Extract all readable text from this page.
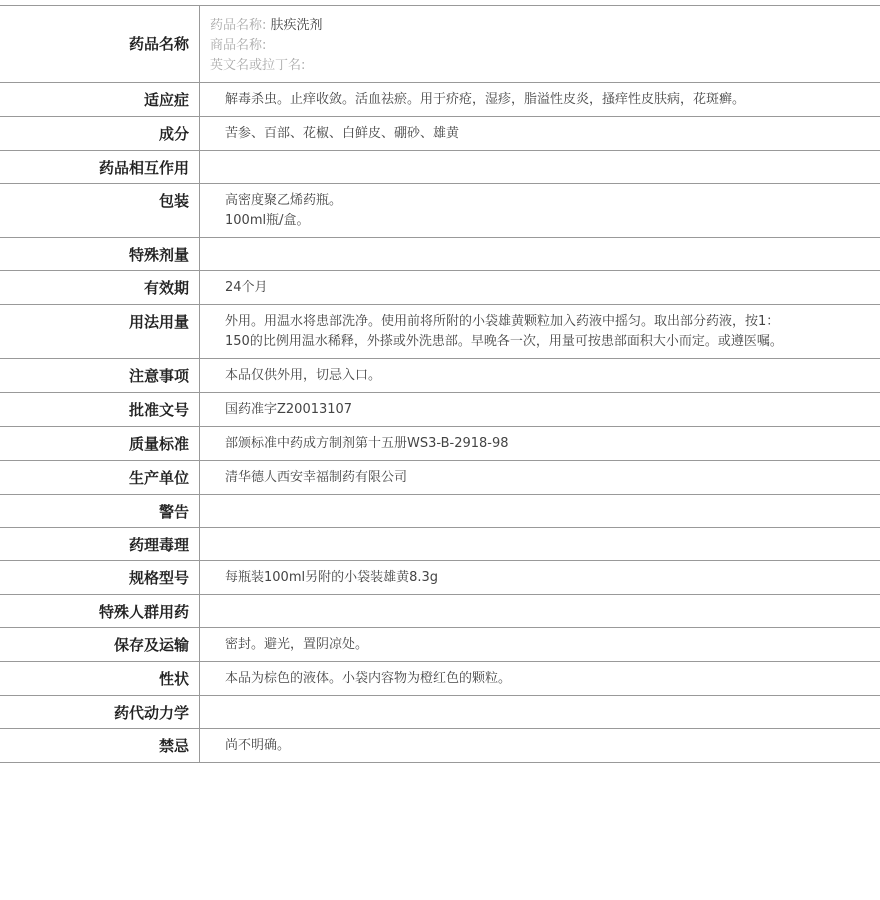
药品名称
药品名称: 肤疾洗剂
商品名称:
英文名或拉丁名:
适应症	解毒杀虫。止痒收敛。活血祛瘀。用于疥疮，湿疹，脂溢性皮炎，搔痒性皮肤病，花斑癣。
成分	苦参、百部、花椒、白鲜皮、硼砂、雄黄
药品相互作用
包装	高密度聚乙烯药瓶。
100ml瓶/盒。
特殊剂量
有效期	24个月
用法用量	外用。用温水将患部洗净。使用前将所附的小袋雄黄颗粒加入药液中摇匀。取出部分药液，按1：150的比例用温水稀释，外搽或外洗患部。早晚各一次，用量可按患部面积大小而定。或遵医嘱。
注意事项	本品仅供外用，切忌入口。
批准文号	国药准字Z20013107
质量标准	部颁标准中药成方制剂第十五册WS3-B-2918-98
生产单位	清华德人西安幸福制药有限公司
警告
药理毒理
规格型号	每瓶装100ml另附的小袋装雄黄8.3g
特殊人群用药
保存及运输	密封。避光，置阴凉处。
性状	本品为棕色的液体。小袋内容物为橙红色的颗粒。
药代动力学
禁忌	尚不明确。
